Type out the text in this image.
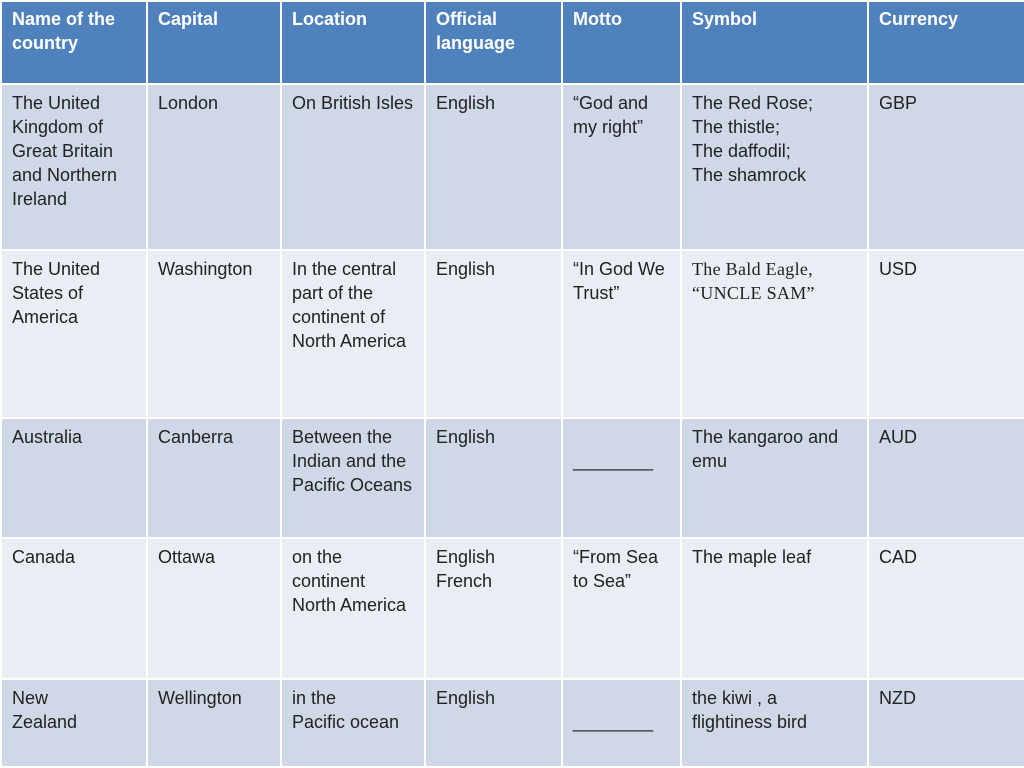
Name of the country	Capital	Location	Official language	Motto	Symbol	Currency
The United Kingdom of Great Britain and Northern Ireland	London	On British Isles	English	“God and my right”	The Red Rose;
The thistle;
The daffodil;
The shamrock	GBP
The United States of America	Washington	In the central part of the continent of North America	English	“In God We Trust”	The Bald Eagle,
“UNCLE SAM”	USD
Australia	Canberra	Between the Indian and the Pacific Oceans	English	________	The kangaroo and emu	AUD
Canada	Ottawa	on the continent North America	English
French	“From Sea to Sea”	The maple leaf	CAD

New
Zealand	Wellington	in the
Pacific ocean	English	________	the kiwi , a flightiness bird	NZD
